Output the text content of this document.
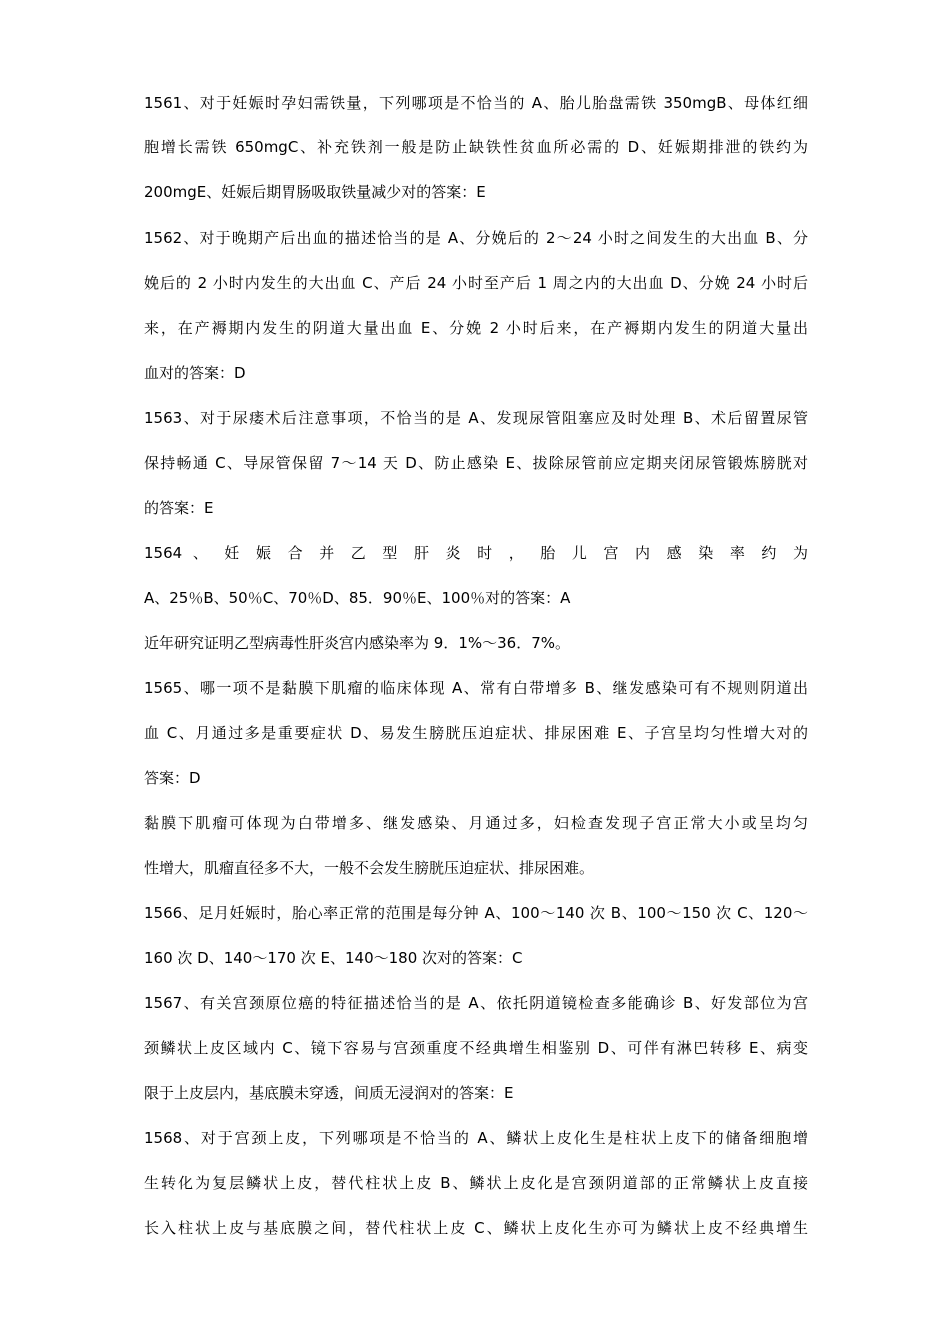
1561、对于妊娠时孕妇需铁量，下列哪项是不恰当的 A、胎儿胎盘需铁 350mgB、母体红细
胞增长需铁 650mgC、补充铁剂一般是防止缺铁性贫血所必需的 D、妊娠期排泄的铁约为
200mgE、妊娠后期胃肠吸取铁量减少对的答案：E
1562、对于晚期产后出血的描述恰当的是 A、分娩后的 2～24 小时之间发生的大出血 B、分
娩后的 2 小时内发生的大出血 C、产后 24 小时至产后 1 周之内的大出血 D、分娩 24 小时后
来，在产褥期内发生的阴道大量出血 E、分娩 2 小时后来，在产褥期内发生的阴道大量出
血对的答案：D
1563、对于尿瘘术后注意事项，不恰当的是 A、发现尿管阻塞应及时处理 B、术后留置尿管
保持畅通 C、导尿管保留 7～14 天 D、防止感染 E、拔除尿管前应定期夹闭尿管锻炼膀胱对
的答案：E
1564 、 妊 娠 合 并 乙 型 肝 炎 时 ， 胎 儿 宫 内 感 染 率 约 为
A、25％B、50％C、70％D、85．90％E、100％对的答案：A
近年研究证明乙型病毒性肝炎宫内感染率为 9．1%～36．7%。
1565、哪一项不是黏膜下肌瘤的临床体现 A、常有白带增多 B、继发感染可有不规则阴道出
血 C、月通过多是重要症状 D、易发生膀胱压迫症状、排尿困难 E、子宫呈均匀性增大对的
答案：D
黏膜下肌瘤可体现为白带增多、继发感染、月通过多，妇检查发现子宫正常大小或呈均匀
性增大，肌瘤直径多不大，一般不会发生膀胱压迫症状、排尿困难。
1566、足月妊娠时，胎心率正常的范围是每分钟 A、100～140 次 B、100～150 次 C、120～
160 次 D、140～170 次 E、140～180 次对的答案：C
1567、有关宫颈原位癌的特征描述恰当的是 A、依托阴道镜检查多能确诊 B、好发部位为宫
颈鳞状上皮区域内 C、镜下容易与宫颈重度不经典增生相鉴别 D、可伴有淋巴转移 E、病变
限于上皮层内，基底膜未穿透，间质无浸润对的答案：E
1568、对于宫颈上皮，下列哪项是不恰当的 A、鳞状上皮化生是柱状上皮下的储备细胞增
生转化为复层鳞状上皮，替代柱状上皮 B、鳞状上皮化是宫颈阴道部的正常鳞状上皮直接
长入柱状上皮与基底膜之间，替代柱状上皮 C、鳞状上皮化生亦可为鳞状上皮不经典增生
